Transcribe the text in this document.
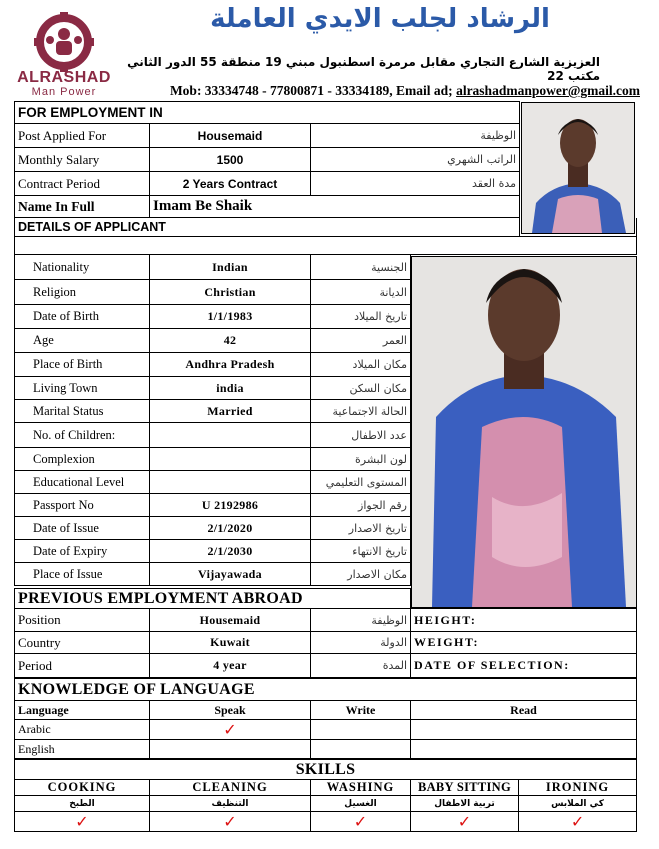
ALRASHAD
Man Power
الرشاد لجلب الايدي العاملة
العزيزية الشارع التجاري مقابل مرمرة اسطنبول مبني 19 منطقة 55 الدور الثاني مكتب 22
Mob: 33334748 - 77800871 - 33334189, Email ad; alrashadmanpower@gmail.com
FOR EMPLOYMENT IN		
Post Applied For	Housemaid	الوظيفة
Monthly Salary	1500	الراتب الشهري
Contract Period	2 Years Contract	مدة العقد
Name In Full	Imam Be Shaik	
DETAILS OF APPLICANT	

Nationality	Indian	الجنسية
Religion	Christian	الديانة
Date of Birth	1/1/1983	تاريخ الميلاد
Age	42	العمر
Place of Birth	Andhra Pradesh	مكان الميلاد
Living Town	india	مكان السكن
Marital Status	Married	الحالة الاجتماعية
No. of Children:		عدد الاطفال
Complexion		لون البشرة
Educational Level		المستوى التعليمي
Passport No	U 2192986	رقم الجواز
Date of Issue	2/1/2020	تاريخ الاصدار
Date of Expiry	2/1/2030	تاريخ الانتهاء
Place of Issue	Vijayawada	مكان الاصدار
PREVIOUS EMPLOYMENT ABROAD			
Position	Housemaid	الوظيفة	HEIGHT:
Country	Kuwait	الدولة	WEIGHT:
Period	4 year	المدة	DATE OF SELECTION:
KNOWLEDGE OF LANGUAGE			
Language	Speak	Write	Read
Arabic	✓		
English			
SKILLS				
COOKING	CLEANING	WASHING	BABY SITTING	IRONING
الطبخ	التنظيف	الغسيل	تربية الاطفال	كي الملابس
✓	✓	✓	✓	✓
